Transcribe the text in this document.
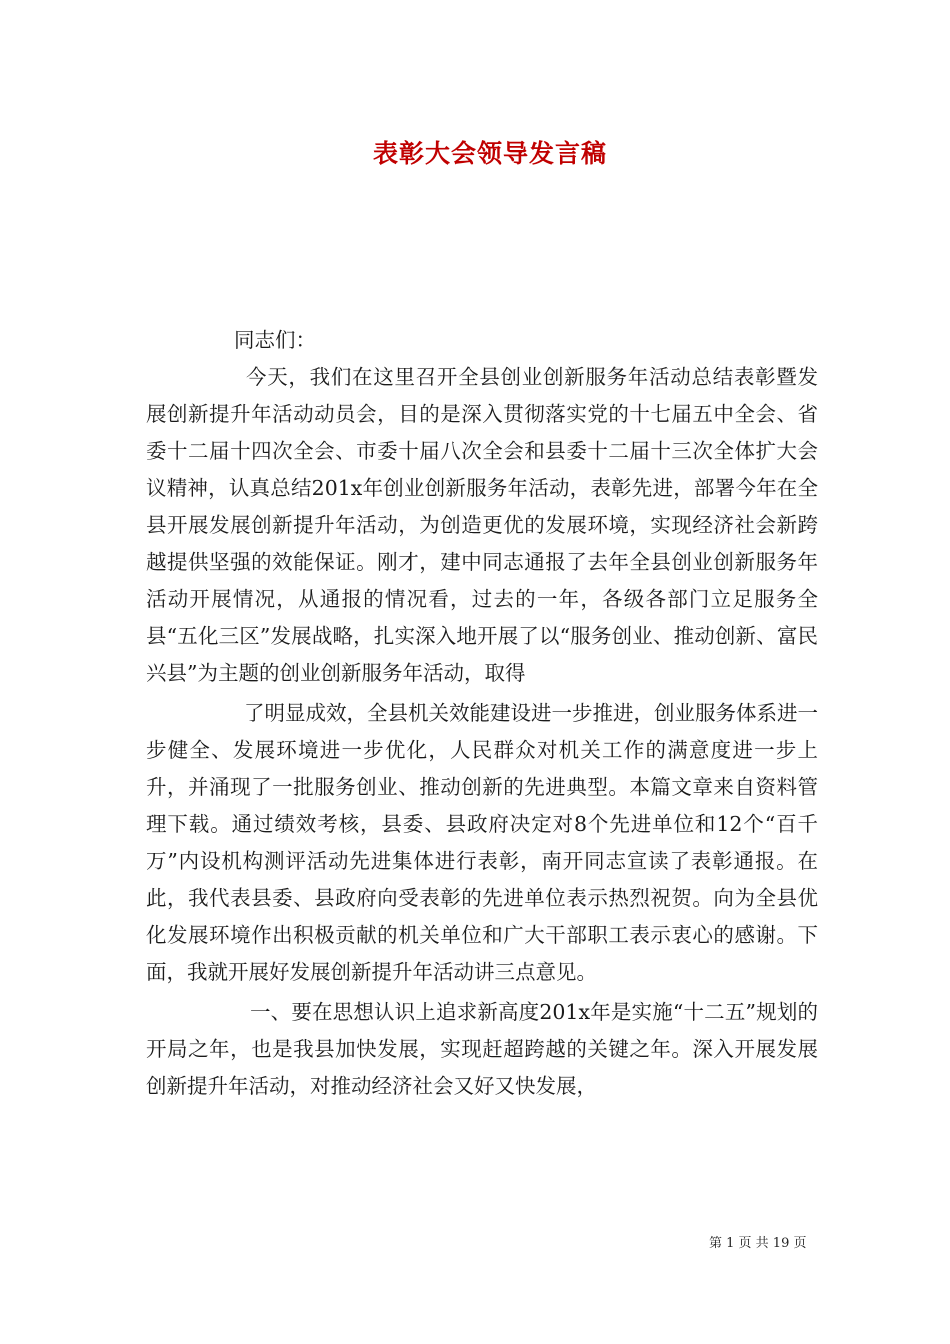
表彰大会领导发言稿

同志们：

今天，我们在这里召开全县创业创新服务年活动总结表彰暨发展创新提升年活动动员会，目的是深入贯彻落实党的十七届五中全会、省委十二届十四次全会、市委十届八次全会和县委十二届十三次全体扩大会议精神，认真总结201x年创业创新服务年活动，表彰先进，部署今年在全县开展发展创新提升年活动，为创造更优的发展环境，实现经济社会新跨越提供坚强的效能保证。刚才，建中同志通报了去年全县创业创新服务年活动开展情况，从通报的情况看，过去的一年，各级各部门立足服务全县“五化三区”发展战略，扎实深入地开展了以“服务创业、推动创新、富民兴县”为主题的创业创新服务年活动，取得

了明显成效，全县机关效能建设进一步推进，创业服务体系进一步健全、发展环境进一步优化，人民群众对机关工作的满意度进一步上升，并涌现了一批服务创业、推动创新的先进典型。本篇文章来自资料管理下载。通过绩效考核，县委、县政府决定对8个先进单位和12个“百千万”内设机构测评活动先进集体进行表彰，南开同志宣读了表彰通报。在此，我代表县委、县政府向受表彰的先进单位表示热烈祝贺。向为全县优化发展环境作出积极贡献的机关单位和广大干部职工表示衷心的感谢。下面，我就开展好发展创新提升年活动讲三点意见。

一、要在思想认识上追求新高度201x年是实施“十二五”规划的开局之年，也是我县加快发展，实现赶超跨越的关键之年。深入开展发展创新提升年活动，对推动经济社会又好又快发展，

第 1 页 共 19 页
